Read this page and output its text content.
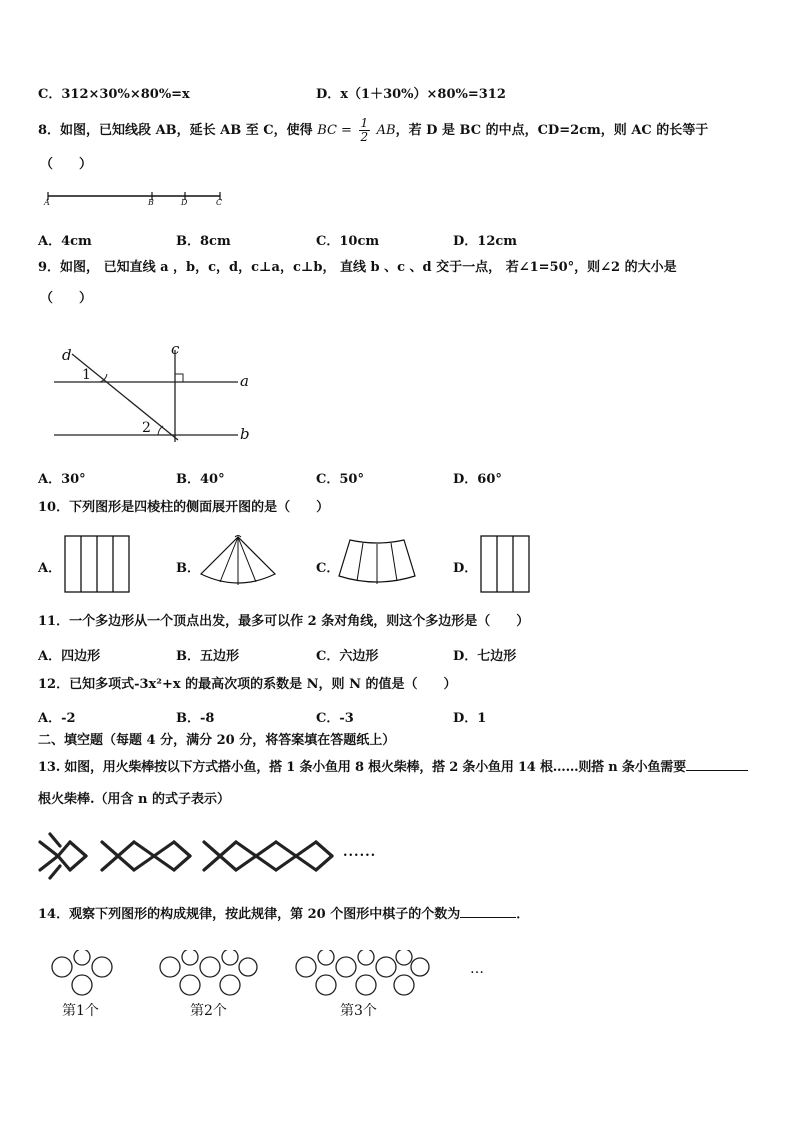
C．312×30%×80%=x	D．x（1＋30%）×80%=312
8．如图，已知线段 AB，延长 AB 至 C，使得 BC = $\frac{1}{2}$ AB，若 D 是 BC 的中点，CD=2cm，则 AC 的长等于
（　　）
A	B	D	C
A．4cm	B．8cm	C．10cm	D．12cm
9．如图， 已知直线 a ，b，c，d，c⊥a，c⊥b， 直线 b 、c 、d 交于一点， 若∠1=50°，则∠2 的大小是
（　　）
d	c
a
b
1
2
A．30°	B．40°	C．50°	D．60°
10．下列图形是四棱柱的侧面展开图的是（　　）
A．	B．	C．	D．
11．一个多边形从一个顶点出发，最多可以作 2 条对角线，则这个多边形是（　　）
A．四边形	B．五边形	C．六边形	D．七边形
12．已知多项式-3x²+x 的最高次项的系数是 N，则 N 的值是（　　）
A．-2	B．-8	C．-3	D．1
二、填空题（每题 4 分，满分 20 分，将答案填在答题纸上）
13. 如图，用火柴棒按以下方式搭小鱼，搭 1 条小鱼用 8 根火柴棒，搭 2 条小鱼用 14 根……则搭 n 条小鱼需要
根火柴棒.（用含 n 的式子表示）
......
14．观察下列图形的构成规律，按此规律，第 20 个图形中棋子的个数为	．
第1个	第2个	第3个
…
